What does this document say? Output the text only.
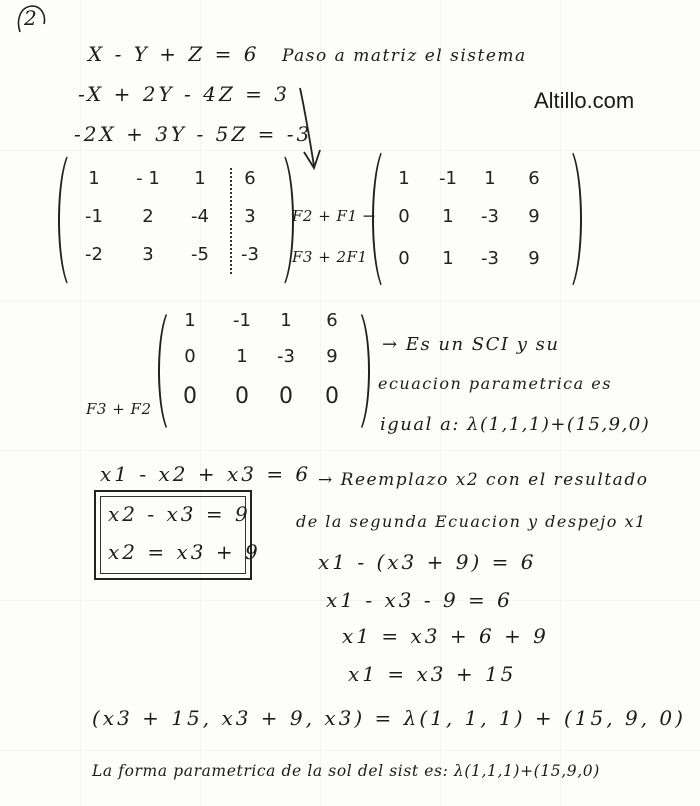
2
Altillo.com
X - Y + Z = 6
-X + 2Y - 4Z = 3
-2X + 3Y - 5Z = -3
Paso a matriz el sistema
1	- 1	1	6
-1	2	-4	3
-2	3	-5	-3
F2 + F1 →
F3 + 2F1
1	-1	1	6
0	1	-3	9
0	1	-3	9
F3 + F2
1	-1	1	6
0	1	-3	9
0	0	0	0
→ Es un SCI y su
ecuacion parametrica es
igual a: λ(1,1,1)+(15,9,0)
x1 - x2 + x3 = 6
x2 - x3 = 9
x2 = x3 + 9
→ Reemplazo x2 con el resultado
de la segunda Ecuacion y despejo x1
x1 - (x3 + 9) = 6
x1 - x3 - 9 = 6
x1 = x3 + 6 + 9
x1 = x3 + 15
(x3 + 15, x3 + 9, x3) = λ(1, 1, 1) + (15, 9, 0)
La forma parametrica de la sol del sist es: λ(1,1,1)+(15,9,0)
